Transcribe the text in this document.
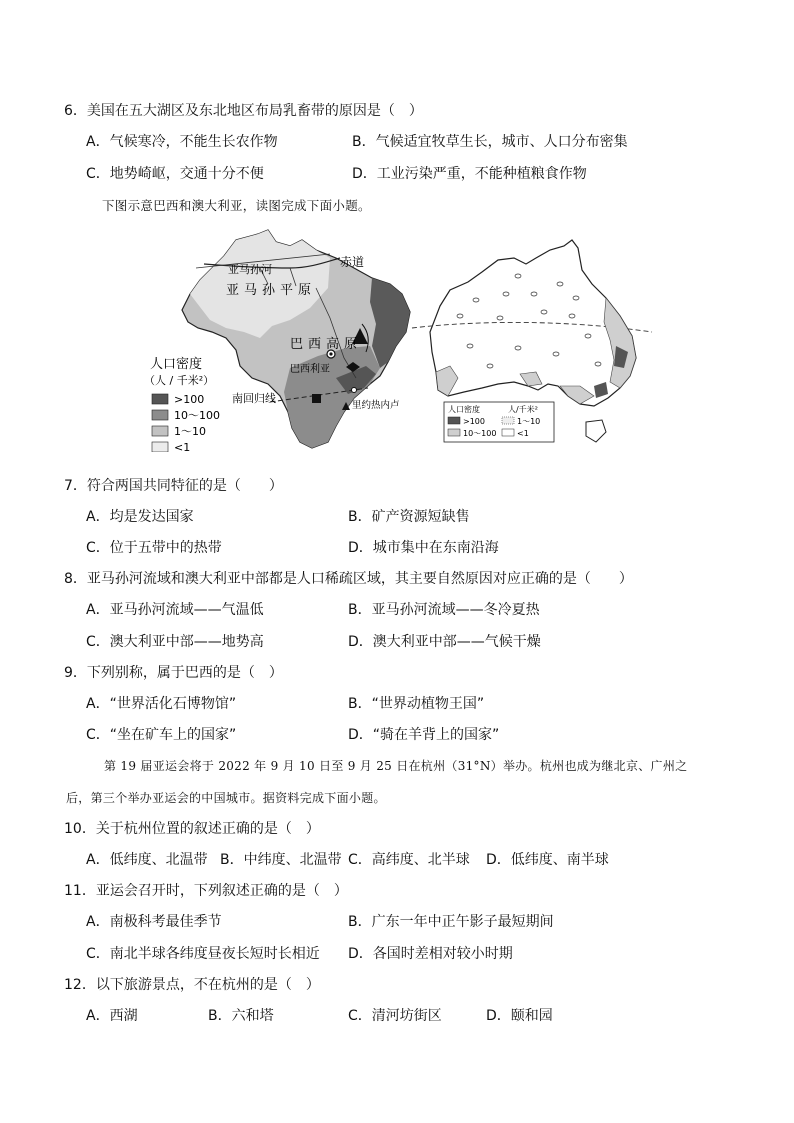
6．美国在五大湖区及东北地区布局乳畜带的原因是（　）
A．气候寒冷，不能生长农作物	B．气候适宜牧草生长，城市、人口分布密集
C．地势崎岖，交通十分不便	D．工业污染严重，不能种植粮食作物
下图示意巴西和澳大利亚，读图完成下面小题。
赤道
亚马孙河
亚马孙平原
巴西高原
巴西利亚
南回归线
里约热内卢
人口密度
（人 / 千米²）
>100
10～100
1～10
<1
人口密度	人/千米²
>100	1～10
10～100	<1
7．符合两国共同特征的是（　　）
A．均是发达国家	B．矿产资源短缺售
C．位于五带中的热带	D．城市集中在东南沿海
8．亚马孙河流域和澳大利亚中部都是人口稀疏区域，其主要自然原因对应正确的是（　　）
A．亚马孙河流域——气温低	B．亚马孙河流域——冬冷夏热
C．澳大利亚中部——地势高	D．澳大利亚中部——气候干燥
9．下列别称，属于巴西的是（　）
A．“世界活化石博物馆”	B．“世界动植物王国”
C．“坐在矿车上的国家”	D．“骑在羊背上的国家”
第 19 届亚运会将于 2022 年 9 月 10 日至 9 月 25 日在杭州（31°N）举办。杭州也成为继北京、广州之
后，第三个举办亚运会的中国城市。据资料完成下面小题。
10．关于杭州位置的叙述正确的是（　）
A．低纬度、北温带 B．中纬度、北温带 C．高纬度、北半球 D．低纬度、南半球
11．亚运会召开时，下列叙述正确的是（　）
A．南极科考最佳季节	B．广东一年中正午影子最短期间
C．南北半球各纬度昼夜长短时长相近 D．各国时差相对较小时期
12．以下旅游景点，不在杭州的是（　）
A．西湖	B．六和塔	C．清河坊街区	D．颐和园
